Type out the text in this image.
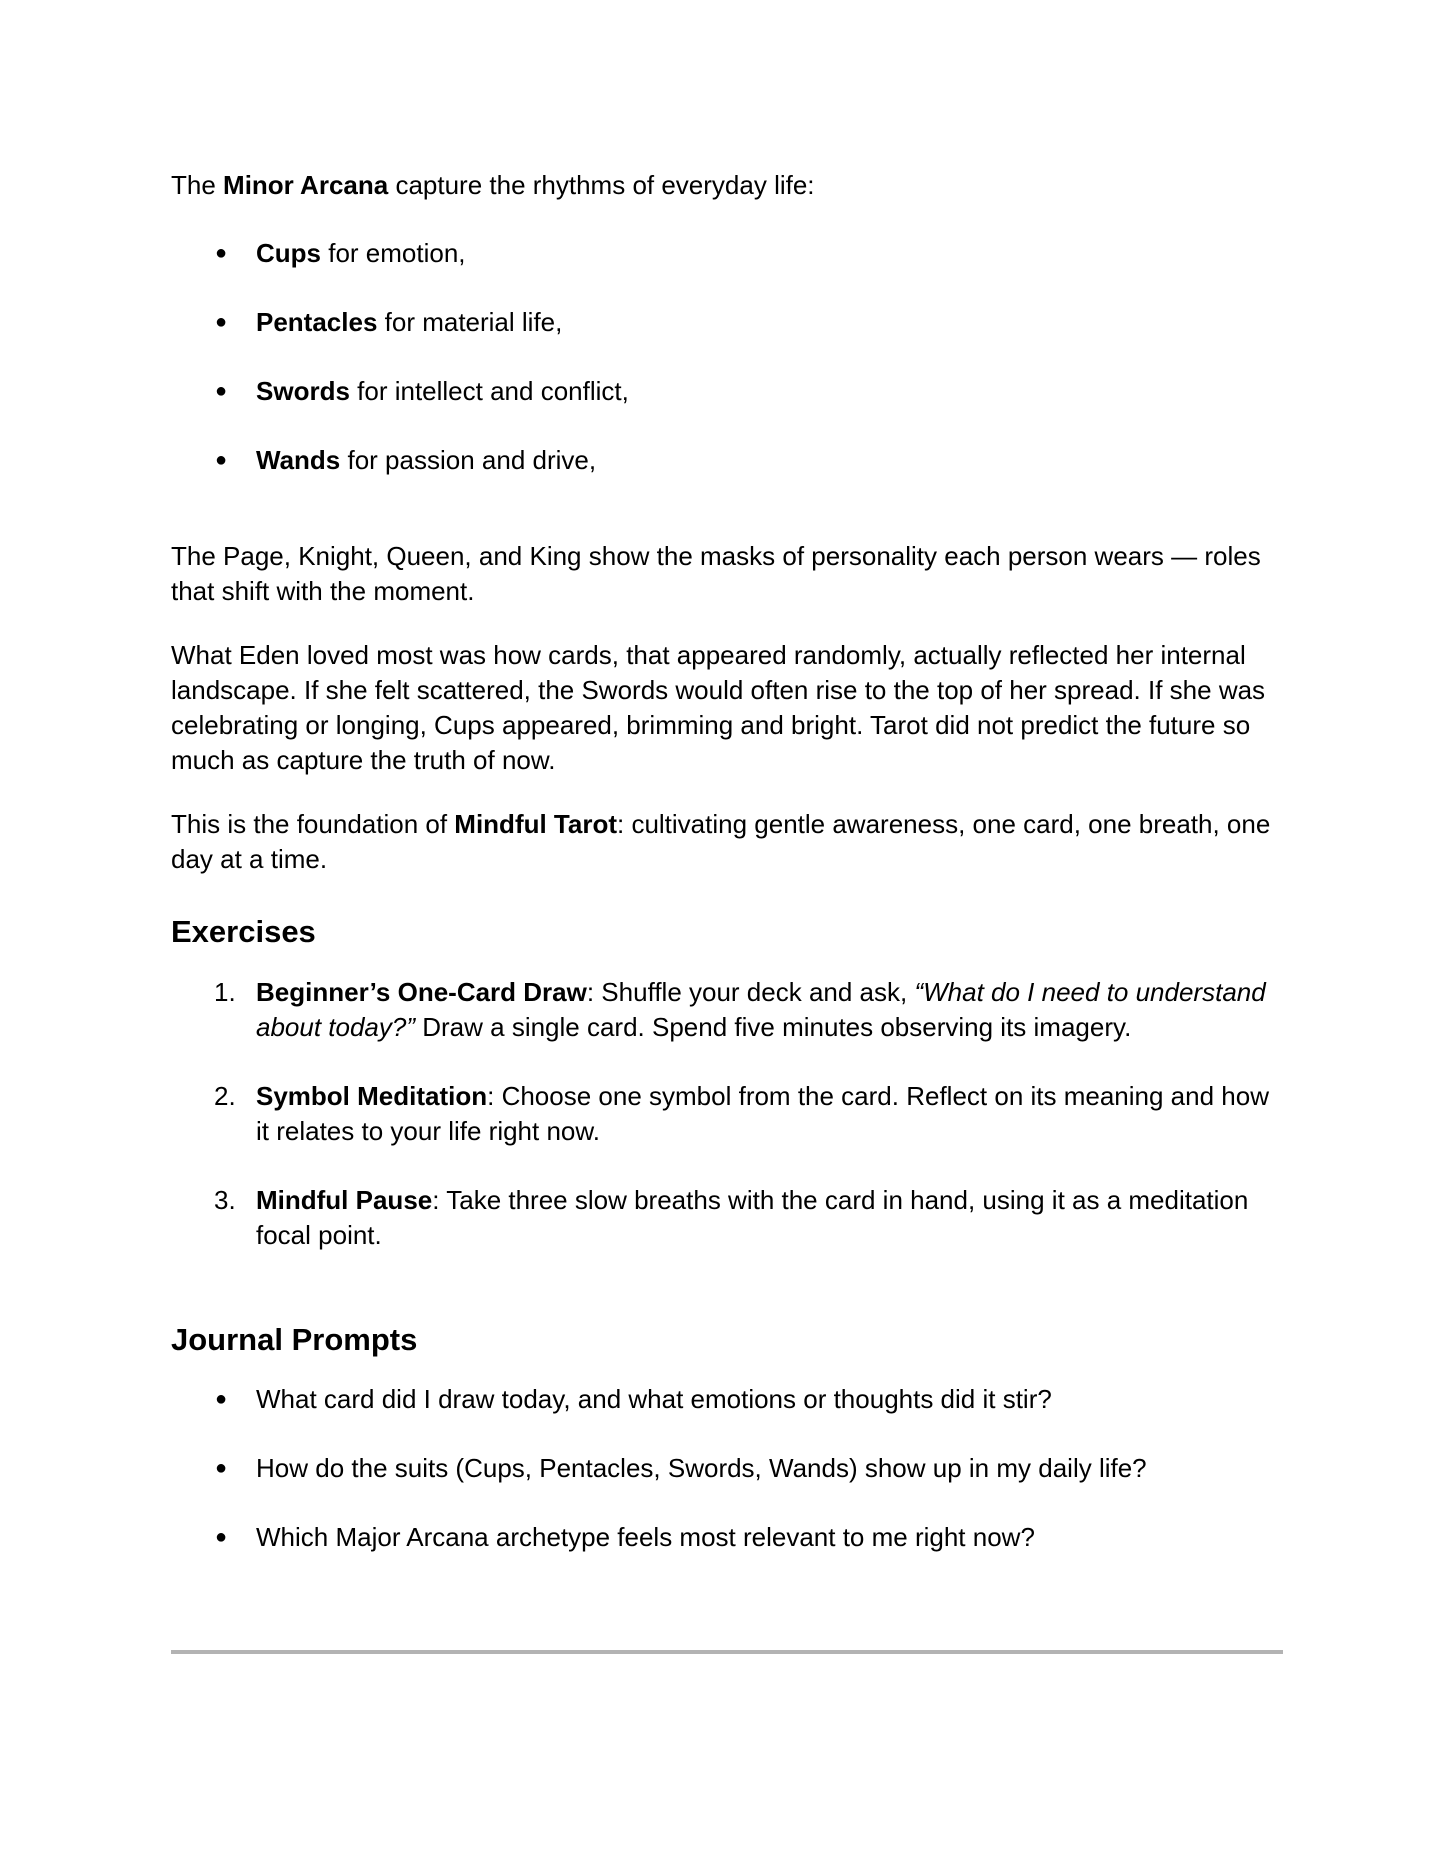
The Minor Arcana capture the rhythms of everyday life:

● Cups for emotion,
● Pentacles for material life,
● Swords for intellect and conflict,
● Wands for passion and drive,

The Page, Knight, Queen, and King show the masks of personality each person wears — roles that shift with the moment.

What Eden loved most was how cards, that appeared randomly, actually reflected her internal landscape. If she felt scattered, the Swords would often rise to the top of her spread. If she was celebrating or longing, Cups appeared, brimming and bright. Tarot did not predict the future so much as capture the truth of now.

This is the foundation of Mindful Tarot: cultivating gentle awareness, one card, one breath, one day at a time.

Exercises
1. Beginner’s One-Card Draw: Shuffle your deck and ask, “What do I need to understand about today?” Draw a single card. Spend five minutes observing its imagery.
2. Symbol Meditation: Choose one symbol from the card. Reflect on its meaning and how it relates to your life right now.
3. Mindful Pause: Take three slow breaths with the card in hand, using it as a meditation focal point.
Journal Prompts
● What card did I draw today, and what emotions or thoughts did it stir?
● How do the suits (Cups, Pentacles, Swords, Wands) show up in my daily life?
● Which Major Arcana archetype feels most relevant to me right now?
